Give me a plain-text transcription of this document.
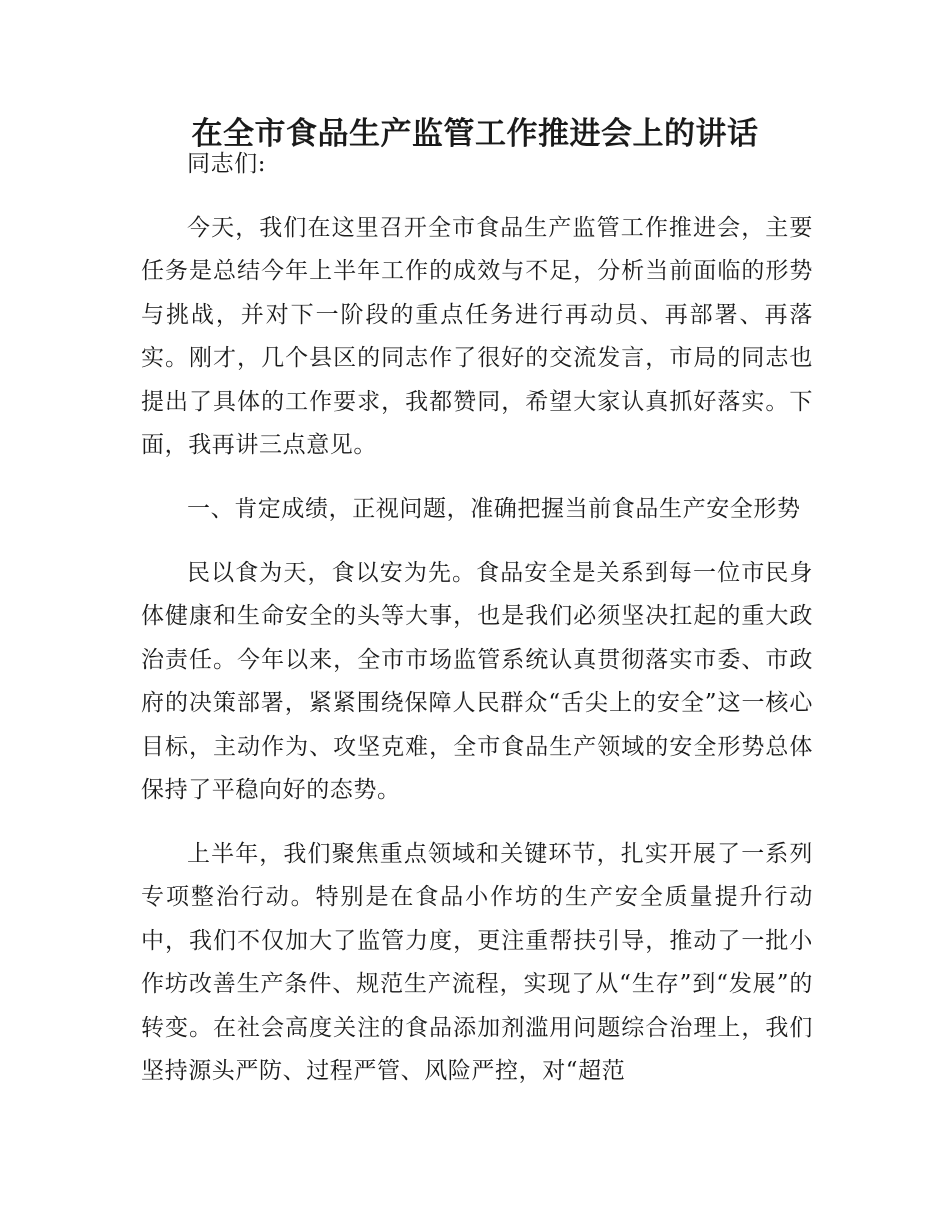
在全市食品生产监管工作推进会上的讲话

同志们:

今天，我们在这里召开全市食品生产监管工作推进会，主要任务是总结今年上半年工作的成效与不足，分析当前面临的形势与挑战，并对下一阶段的重点任务进行再动员、再部署、再落实。刚才，几个县区的同志作了很好的交流发言，市局的同志也提出了具体的工作要求，我都赞同，希望大家认真抓好落实。下面，我再讲三点意见。

一、肯定成绩，正视问题，准确把握当前食品生产安全形势

民以食为天，食以安为先。食品安全是关系到每一位市民身体健康和生命安全的头等大事，也是我们必须坚决扛起的重大政治责任。今年以来，全市市场监管系统认真贯彻落实市委、市政府的决策部署，紧紧围绕保障人民群众“舌尖上的安全”这一核心目标，主动作为、攻坚克难，全市食品生产领域的安全形势总体保持了平稳向好的态势。

上半年，我们聚焦重点领域和关键环节，扎实开展了一系列专项整治行动。特别是在食品小作坊的生产安全质量提升行动中，我们不仅加大了监管力度，更注重帮扶引导，推动了一批小作坊改善生产条件、规范生产流程，实现了从“生存”到“发展”的转变。在社会高度关注的食品添加剂滥用问题综合治理上，我们坚持源头严防、过程严管、风险严控，对“超范
